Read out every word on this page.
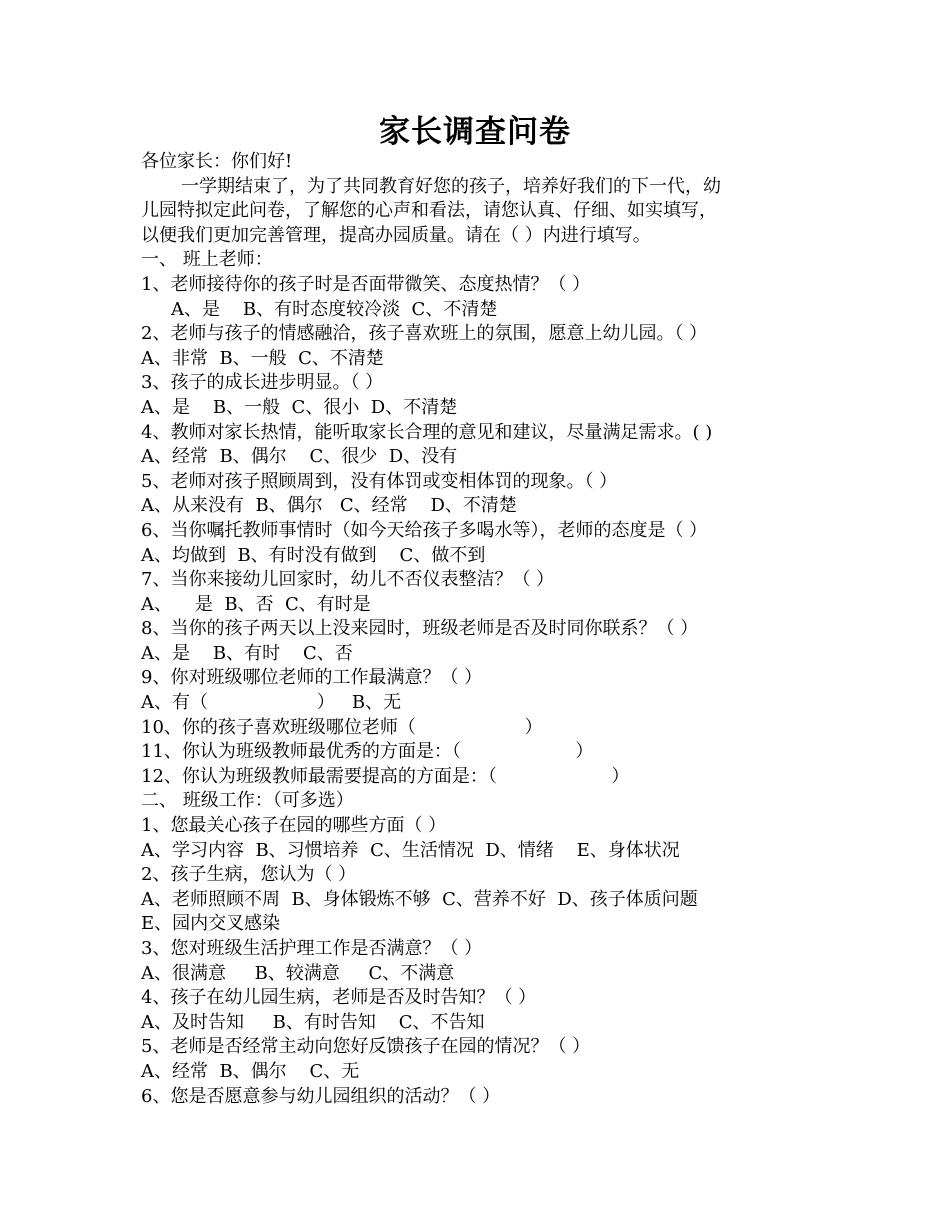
家长调查问卷
各位家长：你们好!
一学期结束了，为了共同教育好您的孩子，培养好我们的下一代，幼
儿园特拟定此问卷，了解您的心声和看法，请您认真、仔细、如实填写，
以便我们更加完善管理，提高办园质量。请在（ ）内进行填写。
一、 班上老师：
1、老师接待你的孩子时是否面带微笑、态度热情？（ ）
A、是    B、有时态度较冷淡  C、不清楚
2、老师与孩子的情感融洽，孩子喜欢班上的氛围，愿意上幼儿园。（ ）
A、非常  B、一般  C、不清楚
3、孩子的成长进步明显。（ ）
A、是    B、一般  C、很小  D、不清楚
4、教师对家长热情，能听取家长合理的意见和建议，尽量满足需求。( )
A、经常  B、偶尔    C、很少  D、没有
5、老师对孩子照顾周到，没有体罚或变相体罚的现象。（ ）
A、从来没有  B、偶尔   C、经常    D、不清楚
6、当你嘱托教师事情时（如今天给孩子多喝水等），老师的态度是（ ）
A、均做到  B、有时没有做到    C、做不到
7、当你来接幼儿回家时，幼儿不否仪表整洁？（ ）
A、    是  B、否  C、有时是
8、当你的孩子两天以上没来园时，班级老师是否及时同你联系？（ ）
A、是    B、有时    C、否
9、你对班级哪位老师的工作最满意？（ ）
A、有（                   ）   B、无
10、你的孩子喜欢班级哪位老师（                   ）
11、你认为班级教师最优秀的方面是：（                    ）
12、你认为班级教师最需要提高的方面是：（                    ）
二、 班级工作：（可多选）
1、您最关心孩子在园的哪些方面（ ）
A、学习内容  B、习惯培养  C、生活情况  D、情绪    E、身体状况
2、孩子生病，您认为（ ）
A、老师照顾不周  B、身体锻炼不够  C、营养不好  D、孩子体质问题
E、园内交叉感染
3、您对班级生活护理工作是否满意？（ ）
A、很满意     B、较满意     C、不满意
4、孩子在幼儿园生病，老师是否及时告知？（ ）
A、及时告知     B、有时告知    C、不告知
5、老师是否经常主动向您好反馈孩子在园的情况？（ ）
A、经常  B、偶尔    C、无
6、您是否愿意参与幼儿园组织的活动？（ ）
